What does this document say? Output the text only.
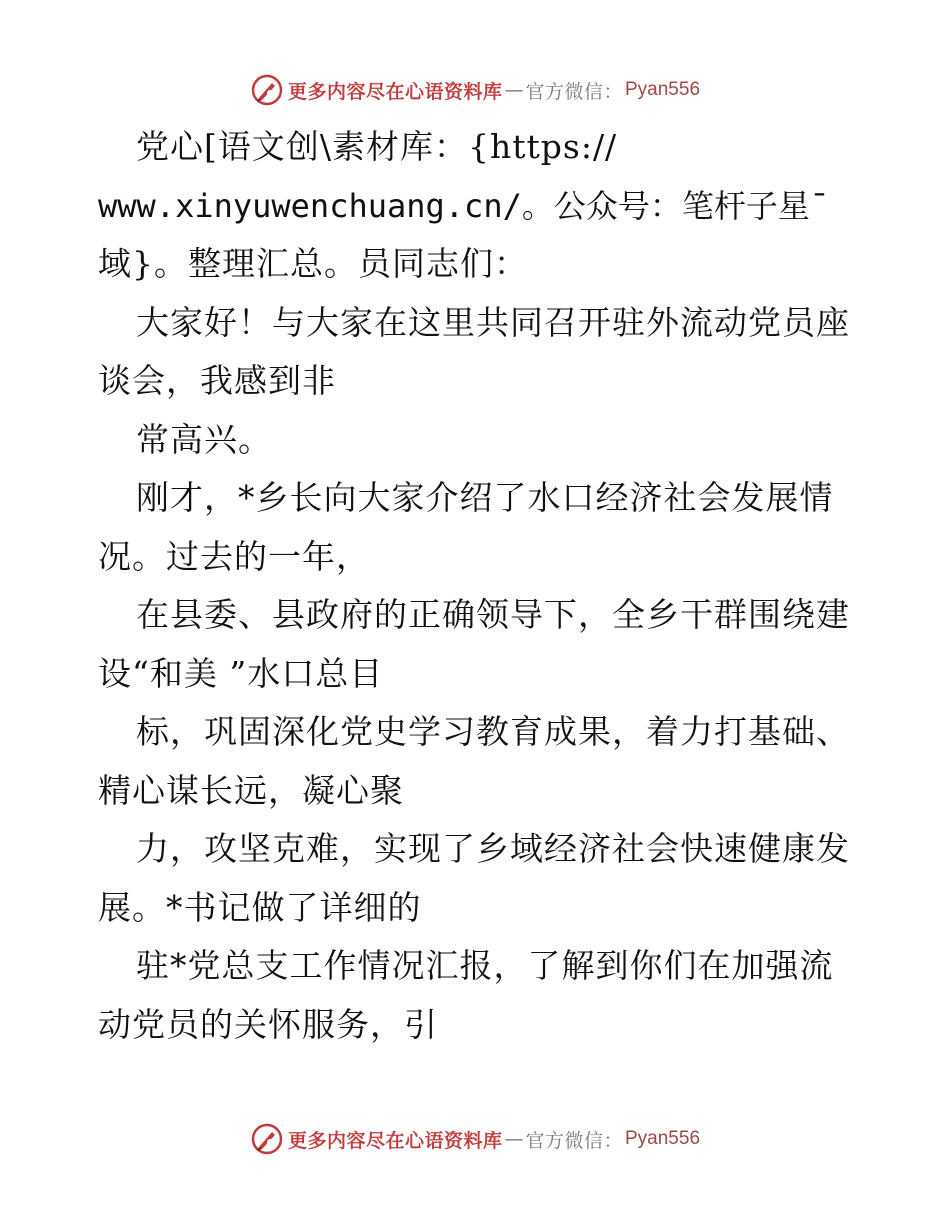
更多内容尽在心语资料库 — 官方微信： Pyan556
党心[语文创\素材库：{https://
www.xinyuwenchuang.cn/。公众号：笔杆子星¯
域}。整理汇总。员同志们：
大家好！与大家在这里共同召开驻外流动党员座
谈会，我感到非
常高兴。
刚才，*乡长向大家介绍了水口经济社会发展情
况。过去的一年，
在县委、县政府的正确领导下，全乡干群围绕建
设“和美 ”水口总目
标，巩固深化党史学习教育成果，着力打基础、
精心谋长远，凝心聚
力，攻坚克难，实现了乡域经济社会快速健康发
展。*书记做了详细的
驻*党总支工作情况汇报，了解到你们在加强流
动党员的关怀服务，引
更多内容尽在心语资料库 — 官方微信： Pyan556
